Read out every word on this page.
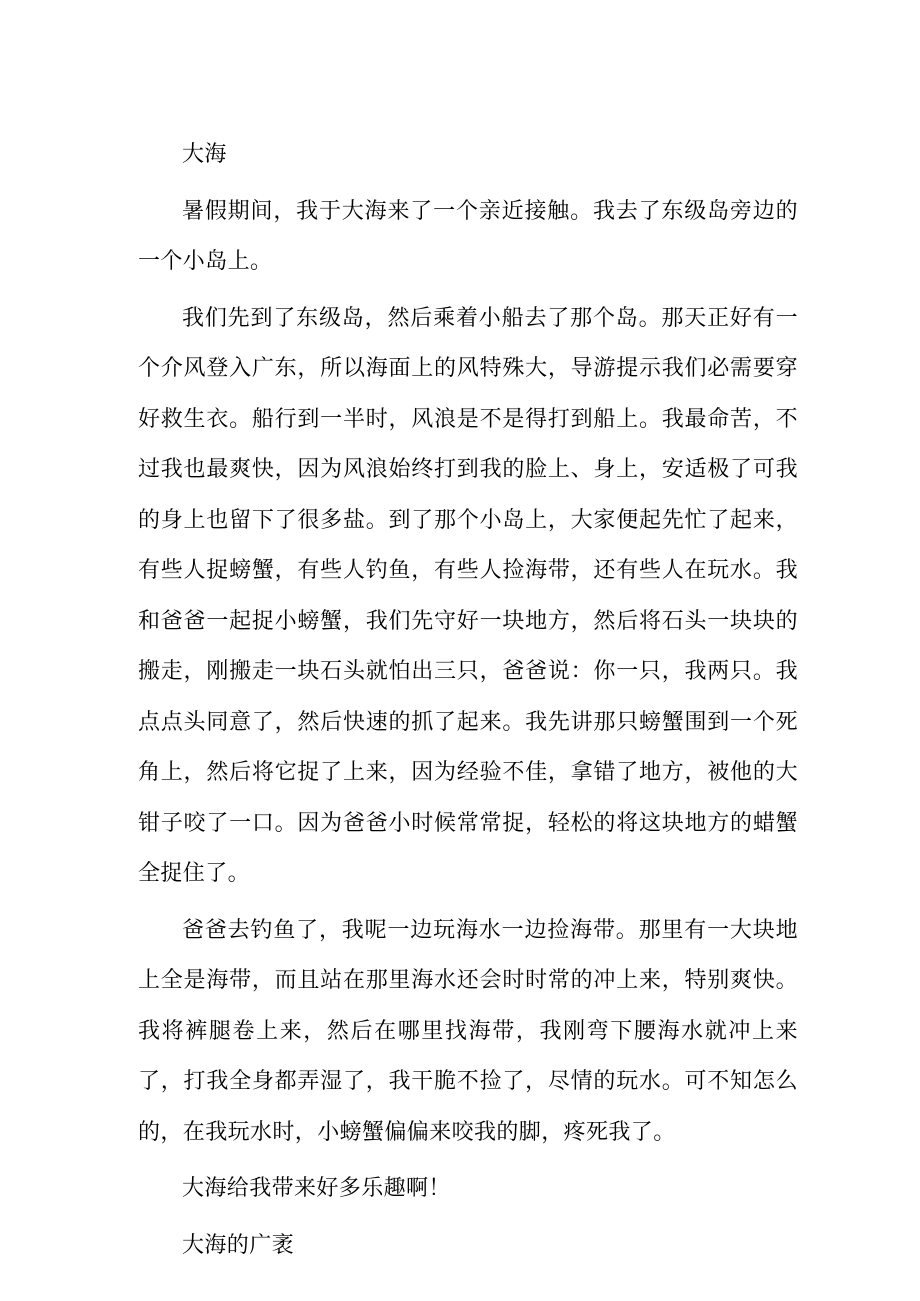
大海

暑假期间，我于大海来了一个亲近接触。我去了东级岛旁边的一个小岛上。

我们先到了东级岛，然后乘着小船去了那个岛。那天正好有一个介风登入广东，所以海面上的风特殊大，导游提示我们必需要穿好救生衣。船行到一半时，风浪是不是得打到船上。我最命苦，不过我也最爽快，因为风浪始终打到我的脸上、身上，安适极了可我的身上也留下了很多盐。到了那个小岛上，大家便起先忙了起来，有些人捉螃蟹，有些人钓鱼，有些人捡海带，还有些人在玩水。我和爸爸一起捉小螃蟹，我们先守好一块地方，然后将石头一块块的搬走，刚搬走一块石头就怕出三只，爸爸说：你一只，我两只。我点点头同意了，然后快速的抓了起来。我先讲那只螃蟹围到一个死角上，然后将它捉了上来，因为经验不佳，拿错了地方，被他的大钳子咬了一口。因为爸爸小时候常常捉，轻松的将这块地方的蜡蟹全捉住了。

爸爸去钓鱼了，我呢一边玩海水一边捡海带。那里有一大块地上全是海带，而且站在那里海水还会时时常的冲上来，特别爽快。我将裤腿卷上来，然后在哪里找海带，我刚弯下腰海水就冲上来了，打我全身都弄湿了，我干脆不捡了，尽情的玩水。可不知怎么的，在我玩水时，小螃蟹偏偏来咬我的脚，疼死我了。

大海给我带来好多乐趣啊！

大海的广袤
